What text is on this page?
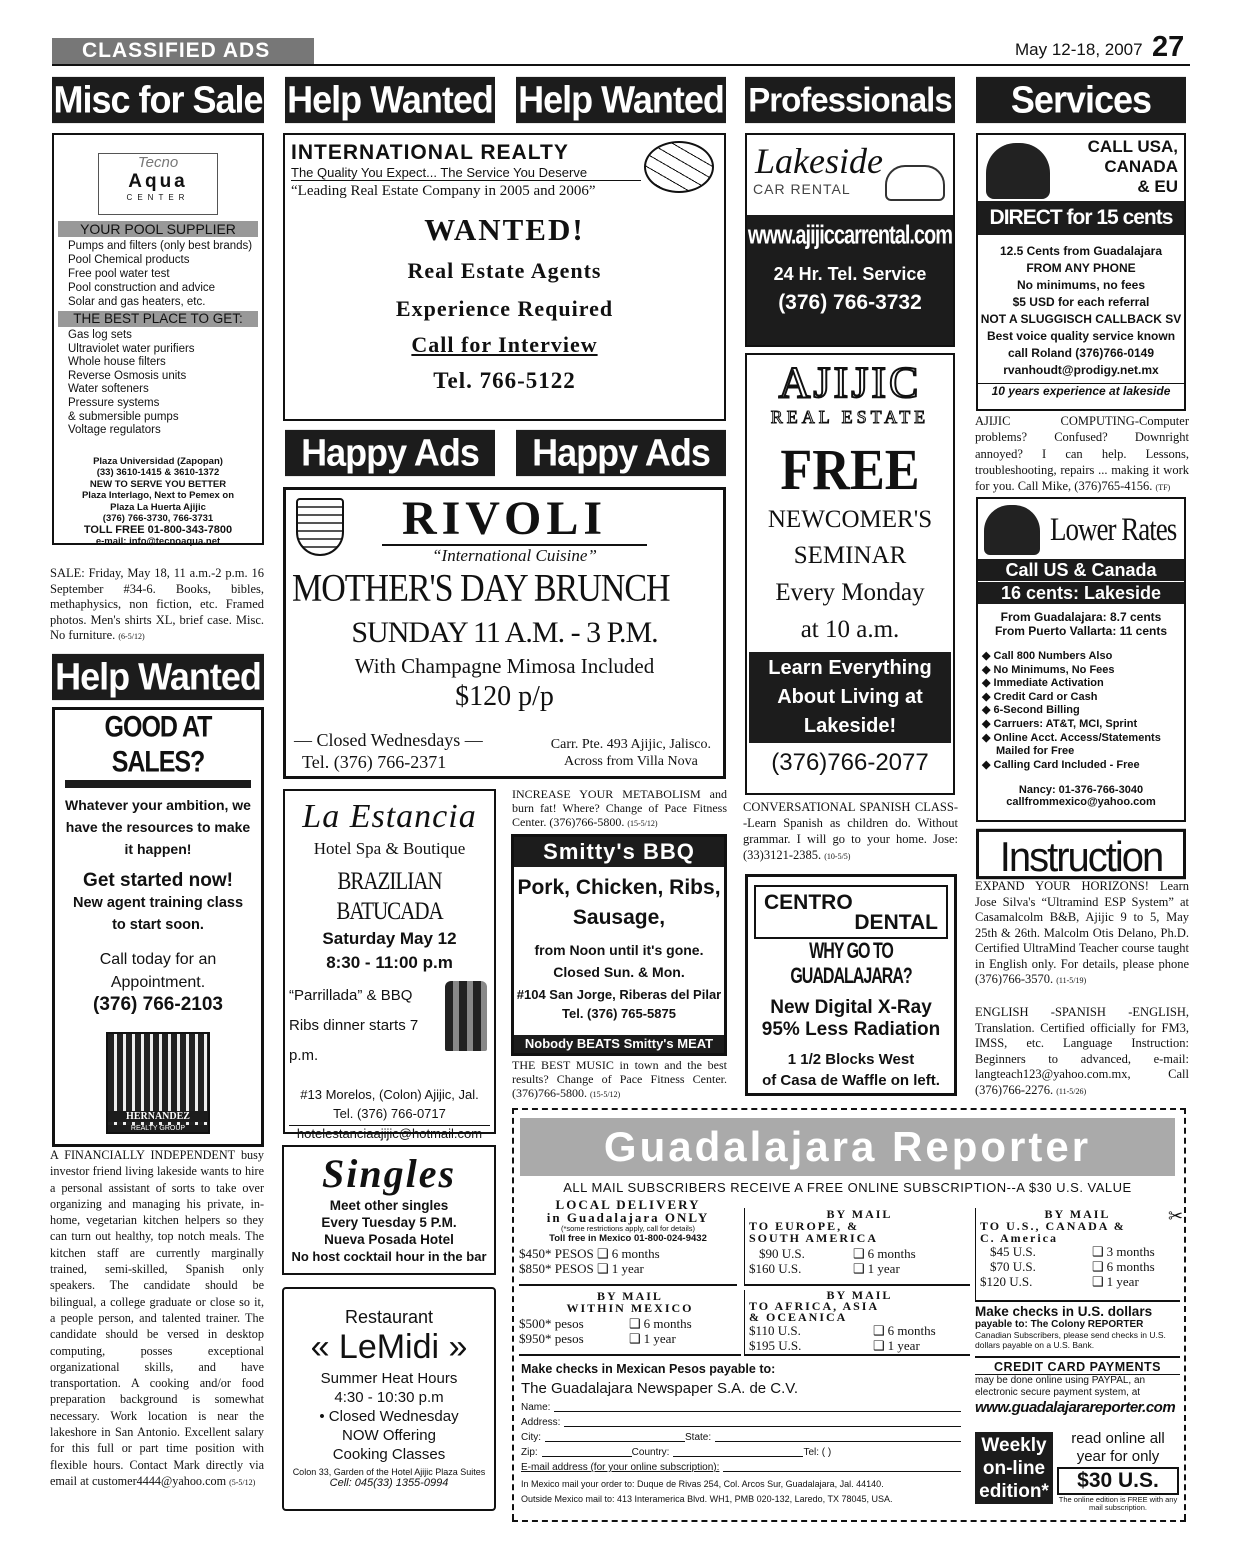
CLASSIFIED ADS	May 12-18, 2007 27
Misc for Sale Help Wanted Help Wanted Professionals	Services
Tecno
Aqua
CENTER
YOUR POOL SUPPLIER
Pumps and filters (only best brands)
Pool Chemical products
Free pool water test
Pool construction and advice
Solar and gas heaters, etc.
THE BEST PLACE TO GET:
Gas log sets
Ultraviolet water purifiers
Whole house filters
Reverse Osmosis units
Water softeners
Pressure systems
& submersible pumps
Voltage regulators
Plaza Universidad (Zapopan)
(33) 3610-1415 & 3610-1372
NEW TO SERVE YOU BETTER
Plaza Interlago, Next to Pemex on
Plaza La Huerta Ajijic
(376) 766-3730, 766-3731
TOLL FREE 01-800-343-7800
e-mail: info@tecnoaqua.net
SALE: Friday, May 18, 11 a.m.-2 p.m. 16 September #34-6. Books, bibles, methaphysics, non fiction, etc. Framed photos. Men's shirts XL, brief case. Misc. No furniture. (6-5/12)
Help Wanted
GOOD AT SALES?
Whatever your ambition, we have the resources to make it happen!
Get started now!
New agent training class to start soon.
Call today for an Appointment.
(376) 766-2103
HERNANDEZ
REALTY GROUP
A FINANCIALLY INDEPENDENT busy investor friend living lakeside wants to hire a personal assistant of sorts to take over organizing and managing his private, in-home, vegetarian kitchen helpers so they can turn out healthy, top notch meals. The kitchen staff are currently marginally trained, semi-skilled, Spanish only speakers. The candidate should be bilingual, a college graduate or close so it, a people person, and talented trainer. The candidate should be versed in desktop computing, posses exceptional organizational skills, and have transportation. A cooking and/or food preparation background is somewhat necessary. Work location is near the lakeshore in San Antonio. Excellent salary for this full or part time position with flexible hours. Contact Mark directly via email at customer4444@yahoo.com (5-5/12)
INTERNATIONAL REALTY
The Quality You Expect... The Service You Deserve
“Leading Real Estate Company in 2005 and 2006”
WANTED!
Real Estate Agents
Experience Required
Call for Interview
Tel. 766-5122
Happy Ads	Happy Ads
RIVOLI
“International Cuisine”
MOTHER'S DAY BRUNCH
SUNDAY 11 A.M. - 3 P.M.
With Champagne Mimosa Included
$120 p/p
— Closed Wednesdays —
Tel. (376) 766-2371
Carr. Pte. 493 Ajijic, Jalisco.
Across from Villa Nova
La Estancia
Hotel Spa & Boutique
BRAZILIAN BATUCADA
Saturday May 12
8:30 - 11:00 p.m
“Parrillada” & BBQ Ribs dinner starts 7 p.m.
#13 Morelos, (Colon) Ajijic, Jal.
Tel. (376) 766-0717
hotelestanciaajijic@hotmail.com
INCREASE YOUR METABOLISM and burn fat! Where? Change of Pace Fitness Center. (376)766-5800. (15-5/12)
Smitty's BBQ
Pork, Chicken, Ribs, Sausage,
from Noon until it's gone. Closed Sun. & Mon.
#104 San Jorge, Riberas del Pilar
Tel. (376) 765-5875
Nobody BEATS Smitty's MEAT
THE BEST MUSIC in town and the best results? Change of Pace Fitness Center. (376)766-5800. (15-5/12)
Singles
Meet other singles
Every Tuesday 5 P.M.
Nueva Posada Hotel
No host cocktail hour in the bar
Restaurant
« LeMidi »
Summer Heat Hours
4:30 - 10:30 p.m
• Closed Wednesday
NOW Offering
Cooking Classes
Colon 33, Garden of the Hotel Ajijic Plaza Suites
Cell: 045(33) 1355-0994
Lakeside
CAR RENTAL
www.ajijiccarrental.com
24 Hr. Tel. Service
(376) 766-3732
AJIJIC
REAL ESTATE
FREE
NEWCOMER'S
SEMINAR
Every Monday
at 10 a.m.
Learn Everything About Living at Lakeside!
(376)766-2077
CONVERSATIONAL SPANISH CLASS--Learn Spanish as children do. Without grammar. I will go to your home. Jose: (33)3121-2385. (10-5/5)
CENTRO
DENTAL
WHY GO TO GUADALAJARA?
New Digital X-Ray
95% Less Radiation
1 1/2 Blocks West
of Casa de Waffle on left.
CALL USA,
CANADA
& EU
DIRECT for 15 cents
12.5 Cents from Guadalajara
FROM ANY PHONE
No minimums, no fees
$5 USD for each referral
NOT A SLUGGISCH CALLBACK SV
Best voice quality service known
call Roland (376)766-0149
rvanhoudt@prodigy.net.mx
10 years experience at lakeside
AJIJIC COMPUTING-Computer problems? Confused? Downright annoyed? I can help. Lessons, troubleshooting, repairs ... making it work for you. Call Mike, (376)765-4156. (TF)
Lower Rates
Call US & Canada
16 cents: Lakeside
From Guadalajara: 8.7 cents
From Puerto Vallarta: 11 cents
◆ Call 800 Numbers Also
◆ No Minimums, No Fees
◆ Immediate Activation
◆ Credit Card or Cash
◆ 6-Second Billing
◆ Carruers: AT&T, MCI, Sprint
◆ Online Acct. Access/Statements
Mailed for Free
◆ Calling Card Included - Free
Nancy: 01-376-766-3040
callfrommexico@yahoo.com
Instruction
EXPAND YOUR HORIZONS! Learn Jose Silva's “Ultramind ESP System” at Casamalcolm B&B, Ajijic 9 to 5, May 25th & 26th. Malcolm Otis Delano, Ph.D. Certified UltraMind Teacher course taught in English only. For details, please phone (376)766-3570. (11-5/19)
ENGLISH -SPANISH -ENGLISH, Translation. Certified officially for FM3, IMSS, etc. Language Instruction: Beginners to advanced, e-mail: langteach123@yahoo.com.mx, Call (376)766-2276. (11-5/26)
✂
Guadalajara Reporter
ALL MAIL SUBSCRIBERS RECEIVE A FREE ONLINE SUBSCRIPTION--A $30 U.S. VALUE
LOCAL DELIVERY
in Guadalajara ONLY
(*some restrictions apply, call for details)
Toll free in Mexico 01-800-024-9432
$450* PESOS ❑ 6 months
$850* PESOS ❑ 1 year
BY MAIL
TO EUROPE, &
SOUTH AMERICA
$90 U.S. ❑	6 months
$160 U.S. ❑	1 year
BY MAIL
TO U.S., CANADA &
C. America
$45 U.S. ❑	3 months
$70 U.S. ❑	6 months
$120 U.S. ❑	1 year
BY MAIL
WITHIN MEXICO
$500* pesos ❑	6 months
$950* pesos ❑	1 year
BY MAIL
TO AFRICA, ASIA
& OCEANICA
$110 U.S. ❑	6 months
$195 U.S. ❑	1 year
Make checks in Mexican Pesos payable to:
The Guadalajara Newspaper S.A. de C.V.
Name:
Address:
City:	State:
Zip:	Country:	Tel: ( )
E-mail address (for your online subscription):
In Mexico mail your order to: Duque de Rivas 254, Col. Arcos Sur, Guadalajara, Jal. 44140.
Outside Mexico mail to: 413 Interamerica Blvd. WH1, PMB 020-132, Laredo, TX 78045, USA.
Make checks in U.S. dollars
payable to: The Colony REPORTER
Canadian Subscribers, please send checks in U.S. dollars payable on a U.S. Bank.
CREDIT CARD PAYMENTS
may be done online using PAYPAL, an electronic secure payment system, at
www.guadalajarareporter.com
Weekly on-line edition*
read online all year for only
$30 U.S.
The online edition is FREE with any mail subscription.
